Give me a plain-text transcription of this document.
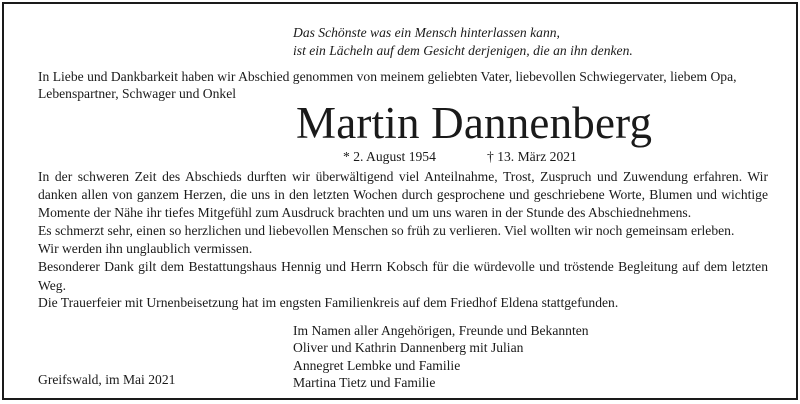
Das Schönste was ein Mensch hinterlassen kann,
ist ein Lächeln auf dem Gesicht derjenigen, die an ihn denken.
In Liebe und Dankbarkeit haben wir Abschied genommen von meinem geliebten Vater, liebevollen Schwiegervater, liebem Opa, Lebenspartner, Schwager und Onkel
Martin Dannenberg
* 2. August 1954	† 13. März 2021

In der schweren Zeit des Abschieds durften wir überwältigend viel Anteilnahme, Trost, Zuspruch und Zuwendung erfahren. Wir danken allen von ganzem Herzen, die uns in den letzten Wochen durch gesprochene und geschriebene Worte, Blumen und wichtige Momente der Nähe ihr tiefes Mitgefühl zum Ausdruck brachten und um uns waren in der Stunde des Abschiednehmens.

Es schmerzt sehr, einen so herzlichen und liebevollen Menschen so früh zu verlieren. Viel wollten wir noch gemeinsam erleben.

Wir werden ihn unglaublich vermissen.

Besonderer Dank gilt dem Bestattungshaus Hennig und Herrn Kobsch für die würdevolle und tröstende Begleitung auf dem letzten Weg.

Die Trauerfeier mit Urnenbeisetzung hat im engsten Familienkreis auf dem Friedhof Eldena stattgefunden.
Im Namen aller Angehörigen, Freunde und Bekannten
Oliver und Kathrin Dannenberg mit Julian
Annegret Lembke und Familie
Martina Tietz und Familie
Greifswald, im Mai 2021
